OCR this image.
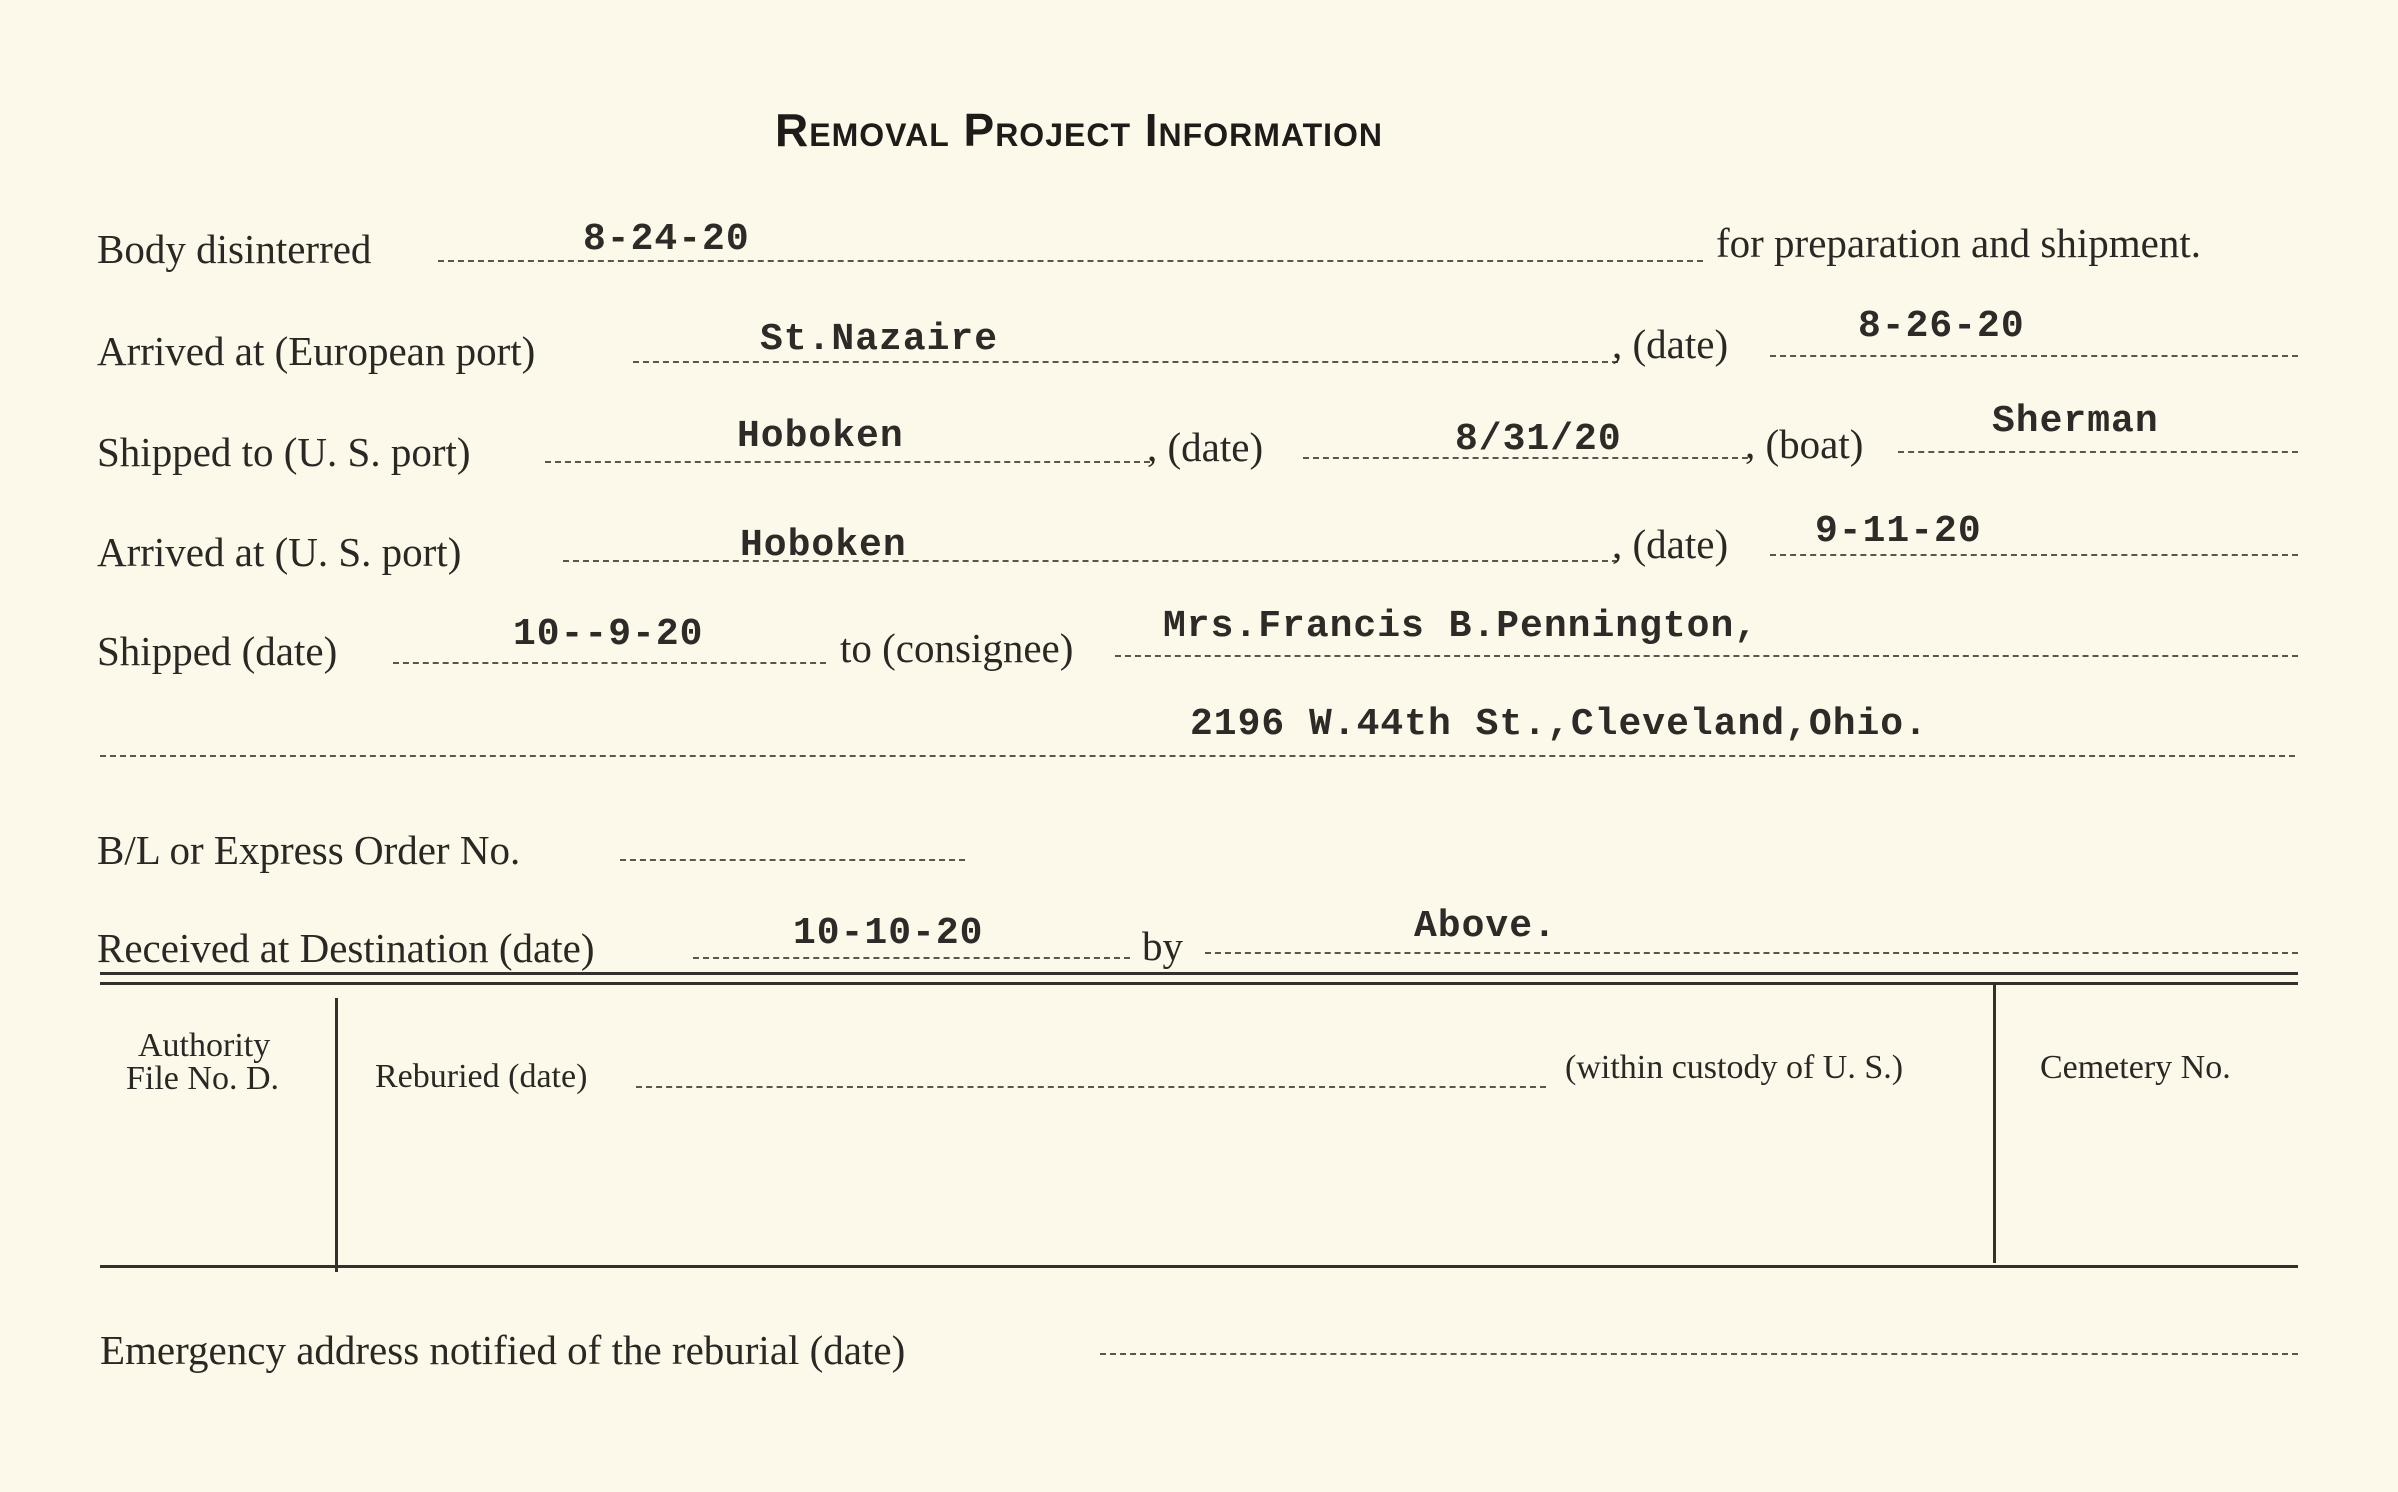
Removal Project Information
Body disinterred	8-24-20	for preparation and shipment.
Arrived at (European port)	St.Nazaire	, (date)	8-26-20
Shipped to (U. S. port)	Hoboken	, (date)	8/31/20	, (boat)	Sherman
Arrived at (U. S. port)	Hoboken	, (date) 9-11-20
Shipped (date)	10--9-20	to (consignee) Mrs.Francis B.Pennington,
2196 W.44th St.,Cleveland,Ohio.
B/L or Express Order No.
Received at Destination (date)	10-10-20	by	Above.
Authority
File No. D.	Reburied (date)	(within custody of U. S.)	Cemetery No.
Emergency address notified of the reburial (date)
